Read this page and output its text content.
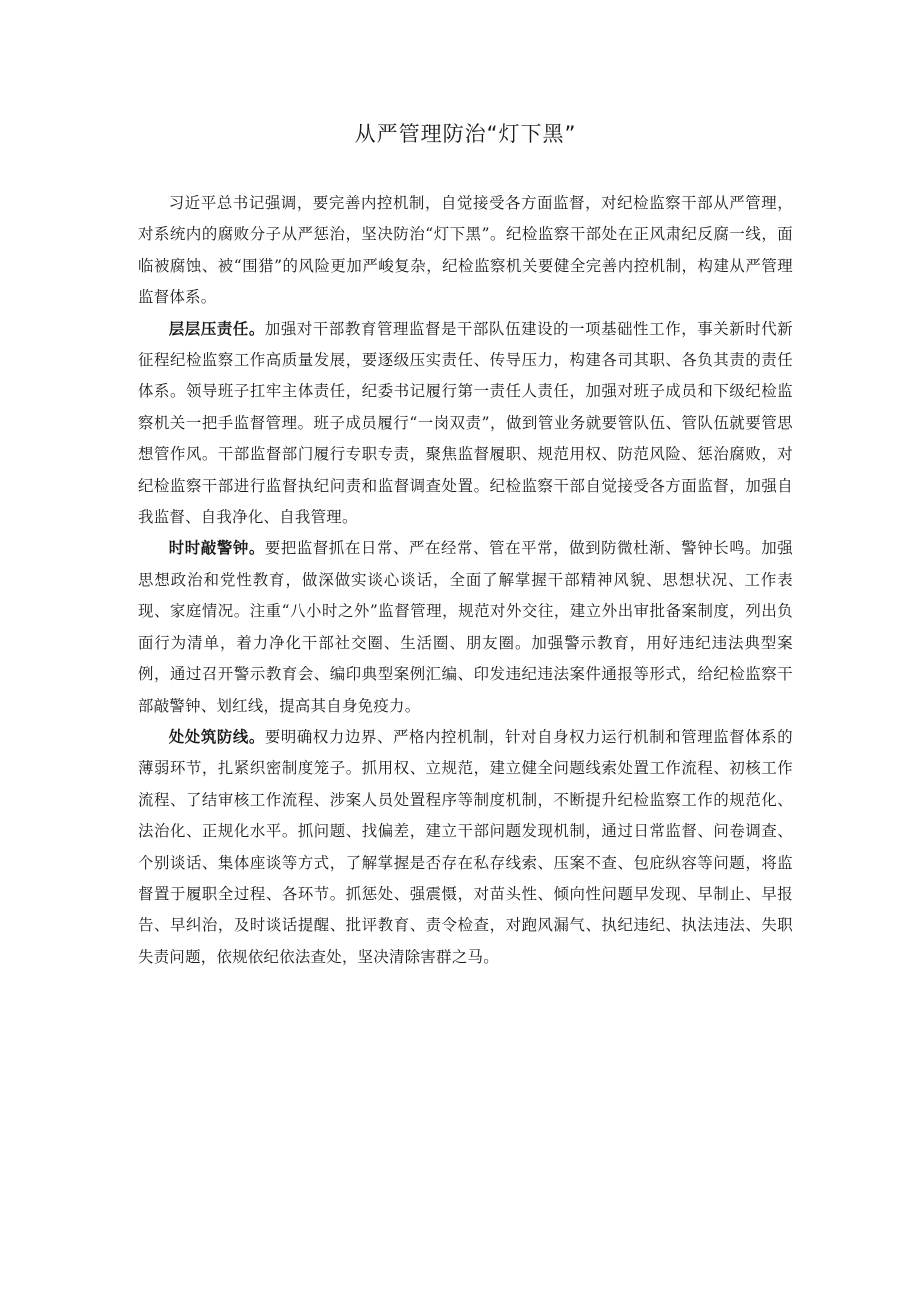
从严管理防治“灯下黑”

习近平总书记强调，要完善内控机制，自觉接受各方面监督，对纪检监察干部从严管理，对系统内的腐败分子从严惩治，坚决防治“灯下黑”。纪检监察干部处在正风肃纪反腐一线，面临被腐蚀、被“围猎”的风险更加严峻复杂，纪检监察机关要健全完善内控机制，构建从严管理监督体系。

层层压责任。加强对干部教育管理监督是干部队伍建设的一项基础性工作，事关新时代新征程纪检监察工作高质量发展，要逐级压实责任、传导压力，构建各司其职、各负其责的责任体系。领导班子扛牢主体责任，纪委书记履行第一责任人责任，加强对班子成员和下级纪检监察机关一把手监督管理。班子成员履行“一岗双责”，做到管业务就要管队伍、管队伍就要管思想管作风。干部监督部门履行专职专责，聚焦监督履职、规范用权、防范风险、惩治腐败，对纪检监察干部进行监督执纪问责和监督调查处置。纪检监察干部自觉接受各方面监督，加强自我监督、自我净化、自我管理。

时时敲警钟。要把监督抓在日常、严在经常、管在平常，做到防微杜渐、警钟长鸣。加强思想政治和党性教育，做深做实谈心谈话，全面了解掌握干部精神风貌、思想状况、工作表现、家庭情况。注重“八小时之外”监督管理，规范对外交往，建立外出审批备案制度，列出负面行为清单，着力净化干部社交圈、生活圈、朋友圈。加强警示教育，用好违纪违法典型案例，通过召开警示教育会、编印典型案例汇编、印发违纪违法案件通报等形式，给纪检监察干部敲警钟、划红线，提高其自身免疫力。

处处筑防线。要明确权力边界、严格内控机制，针对自身权力运行机制和管理监督体系的薄弱环节，扎紧织密制度笼子。抓用权、立规范，建立健全问题线索处置工作流程、初核工作流程、了结审核工作流程、涉案人员处置程序等制度机制，不断提升纪检监察工作的规范化、法治化、正规化水平。抓问题、找偏差，建立干部问题发现机制，通过日常监督、问卷调查、个别谈话、集体座谈等方式，了解掌握是否存在私存线索、压案不查、包庇纵容等问题，将监督置于履职全过程、各环节。抓惩处、强震慑，对苗头性、倾向性问题早发现、早制止、早报告、早纠治，及时谈话提醒、批评教育、责令检查，对跑风漏气、执纪违纪、执法违法、失职失责问题，依规依纪依法查处，坚决清除害群之马。
